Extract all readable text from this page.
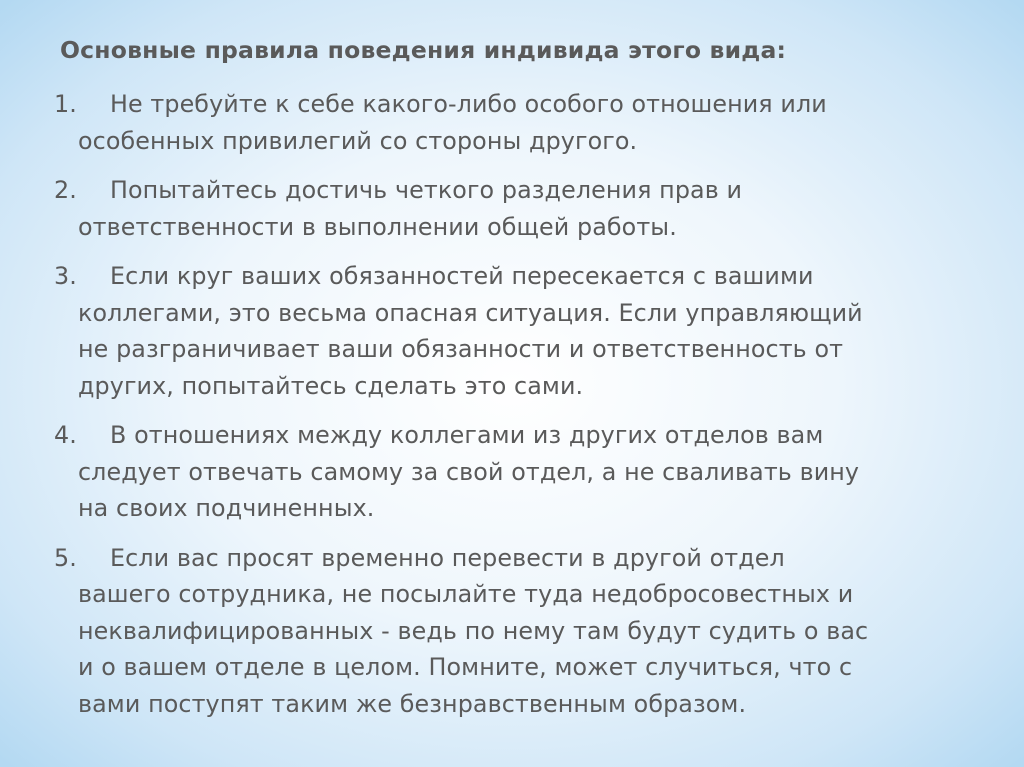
Основные правила поведения индивида этого вида:
1.	Не требуйте к себе какого-либо особого отношения или
особенных привилегий со стороны другого.
2.	Попытайтесь достичь четкого разделения прав и
ответственности в выполнении общей работы.
3.	Если круг ваших обязанностей пересекается с вашими
коллегами, это весьма опасная ситуация. Если управляющий
не разграничивает ваши обязанности и ответственность от
других, попытайтесь сделать это сами.
4.	В отношениях между коллегами из других отделов вам
следует отвечать самому за свой отдел, а не сваливать вину
на своих подчиненных.
5.	Если вас просят временно перевести в другой отдел
вашего сотрудника, не посылайте туда недобросовестных и
неквалифицированных - ведь по нему там будут судить о вас
и о вашем отделе в целом. Помните, может случиться, что с
вами поступят таким же безнравственным образом.
